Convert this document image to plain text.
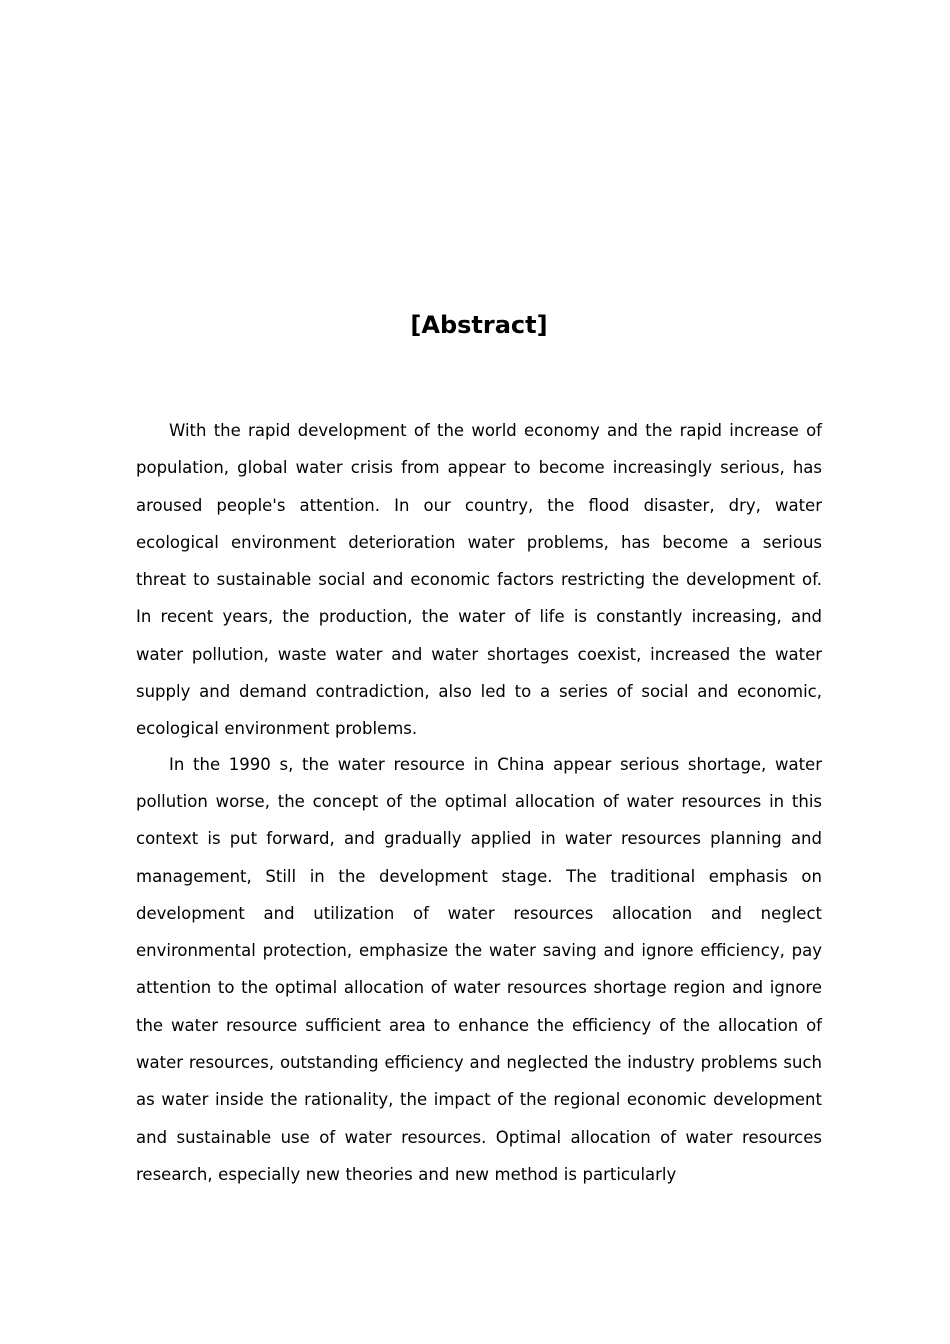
[Abstract]

With the rapid development of the world economy and the rapid increase of population, global water crisis from appear to become increasingly serious, has aroused people's attention. In our country, the flood disaster, dry, water ecological environment deterioration water problems, has become a serious threat to sustainable social and economic factors restricting the development of. In recent years, the production, the water of life is constantly increasing, and water pollution, waste water and water shortages coexist, increased the water supply and demand contradiction, also led to a series of social and economic, ecological environment problems.

In the 1990 s, the water resource in China appear serious shortage, water pollution worse, the concept of the optimal allocation of water resources in this context is put forward, and gradually applied in water resources planning and management, Still in the development stage. The traditional emphasis on development and utilization of water resources allocation and neglect environmental protection, emphasize the water saving and ignore efficiency, pay attention to the optimal allocation of water resources shortage region and ignore the water resource sufficient area to enhance the efficiency of the allocation of water resources, outstanding efficiency and neglected the industry problems such as water inside the rationality, the impact of the regional economic development and sustainable use of water resources. Optimal allocation of water resources research, especially new theories and new method is particularly
